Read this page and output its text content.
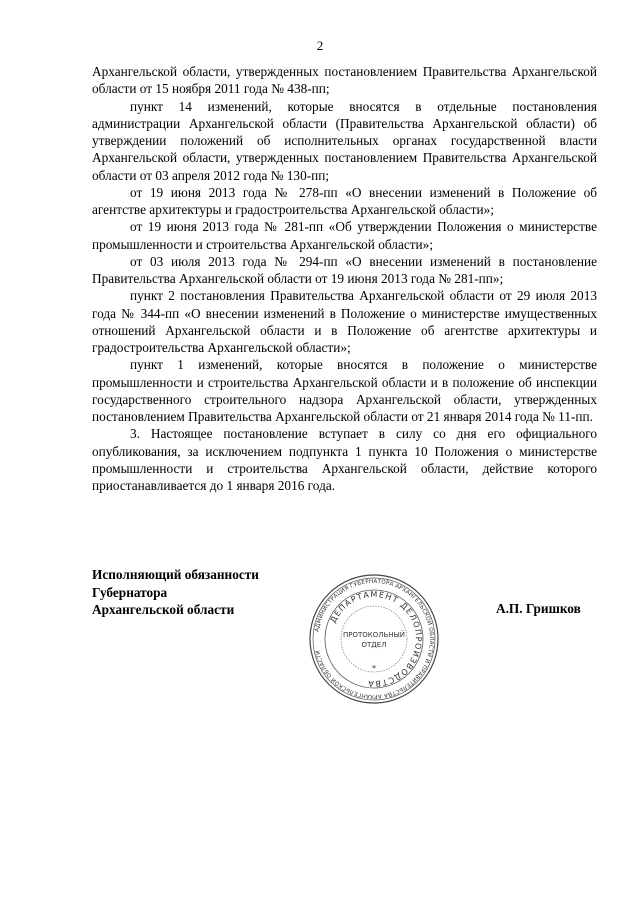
2

Архангельской области, утвержденных постановлением Правительства Архангельской области от 15 ноября 2011 года № 438-пп;

пункт 14 изменений, которые вносятся в отдельные постановления администрации Архангельской области (Правительства Архангельской области) об утверждении положений об исполнительных органах государственной власти Архангельской области, утвержденных постановлением Правительства Архангельской области от 03 апреля 2012 года № 130-пп;

от 19 июня 2013 года № 278-пп «О внесении изменений в Положение об агентстве архитектуры и градостроительства Архангельской области»;

от 19 июня 2013 года № 281-пп «Об утверждении Положения о министерстве промышленности и строительства Архангельской области»;

от 03 июля 2013 года № 294-пп «О внесении изменений в постановление Правительства Архангельской области от 19 июня 2013 года № 281-пп»;

пункт 2 постановления Правительства Архангельской области от 29 июля 2013 года № 344-пп «О внесении изменений в Положение о министерстве имущественных отношений Архангельской области и в Положение об агентстве архитектуры и градостроительства Архангельской области»;

пункт 1 изменений, которые вносятся в положение о министерстве промышленности и строительства Архангельской области и в положение об инспекции государственного строительного надзора Архангельской области, утвержденных постановлением Правительства Архангельской области от 21 января 2014 года № 11-пп.

3. Настоящее постановление вступает в силу со дня его официального опубликования, за исключением подпункта 1 пункта 10 Положения о министерстве промышленности и строительства Архангельской области, действие которого приостанавливается до 1 января 2016 года.

Исполняющий обязанности
Губернатора
Архангельской области	А.П. Гришков
АДМИНИСТРАЦИЯ ГУБЕРНАТОРА АРХАНГЕЛЬСКОЙ ОБЛАСТИ И ПРАВИТЕЛЬСТВА АРХАНГЕЛЬСКОЙ ОБЛАСТИ
ДЕПАРТАМЕНТ ДЕЛОПРОИЗВОДСТВА
ПРОТОКОЛЬНЫЙ
ОТДЕЛ
*
